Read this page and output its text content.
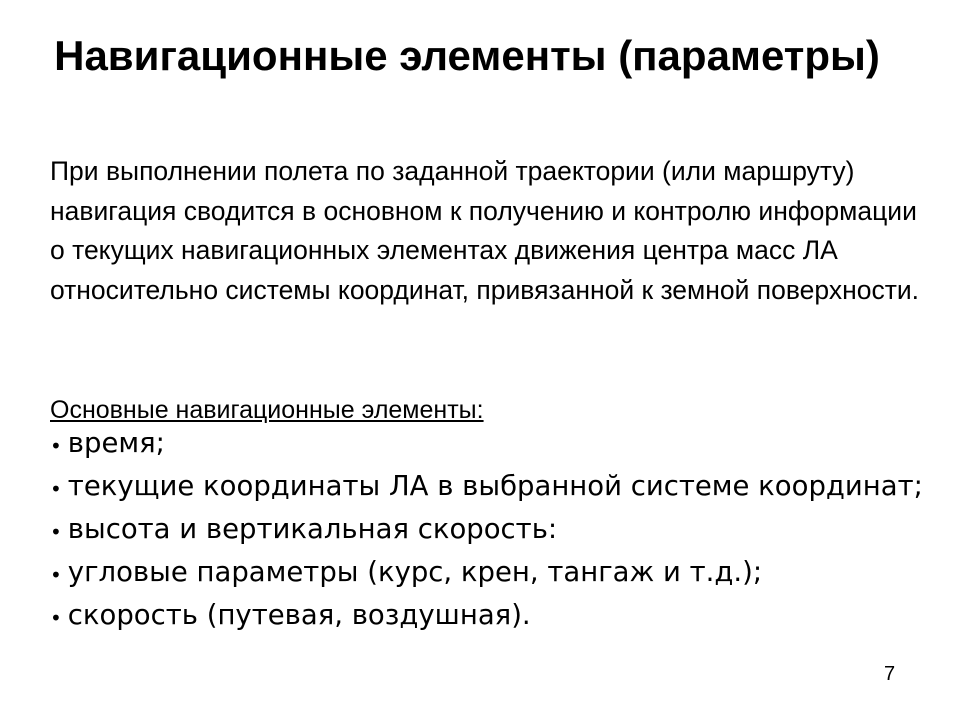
Навигационные элементы (параметры)

При выполнении полета по заданной траектории (или маршруту) навигация сводится в основном к получению и контролю информации о текущих навигационных элементах движения центра масс ЛА относительно системы координат, привязанной к земной поверхности.

Основные навигационные элементы:

• время;
• текущие координаты ЛА в выбранной системе координат;
• высота и вертикальная скорость:
• угловые параметры (курс, крен, тангаж и т.д.);
• скорость (путевая, воздушная).
7
